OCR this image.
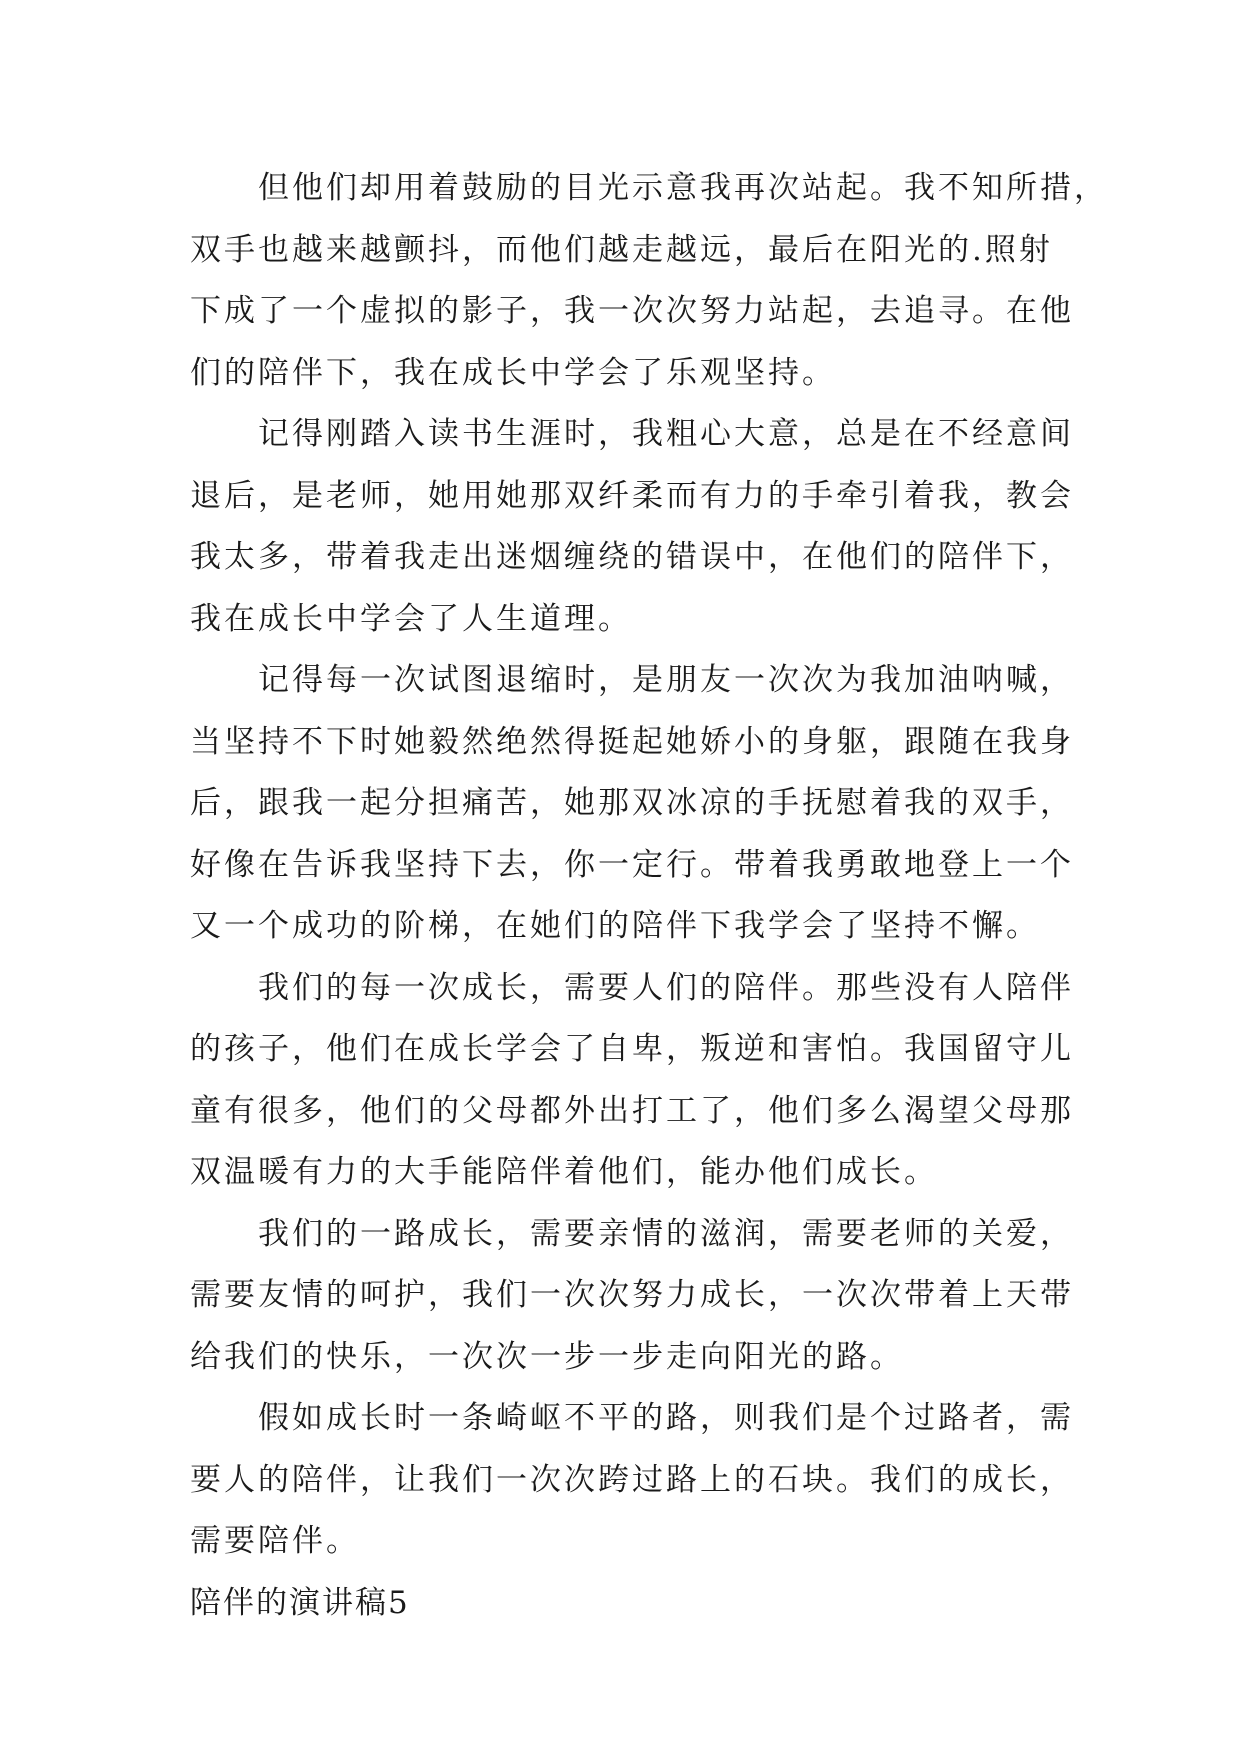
但他们却用着鼓励的目光示意我再次站起。我不知所措，
双手也越来越颤抖，而他们越走越远，最后在阳光的.照射
下成了一个虚拟的影子，我一次次努力站起，去追寻。在他
们的陪伴下，我在成长中学会了乐观坚持。
记得刚踏入读书生涯时，我粗心大意，总是在不经意间
退后，是老师，她用她那双纤柔而有力的手牵引着我，教会
我太多，带着我走出迷烟缠绕的错误中，在他们的陪伴下，
我在成长中学会了人生道理。
记得每一次试图退缩时，是朋友一次次为我加油呐喊，
当坚持不下时她毅然绝然得挺起她娇小的身躯，跟随在我身
后，跟我一起分担痛苦，她那双冰凉的手抚慰着我的双手，
好像在告诉我坚持下去，你一定行。带着我勇敢地登上一个
又一个成功的阶梯，在她们的陪伴下我学会了坚持不懈。
我们的每一次成长，需要人们的陪伴。那些没有人陪伴
的孩子，他们在成长学会了自卑，叛逆和害怕。我国留守儿
童有很多，他们的父母都外出打工了，他们多么渴望父母那
双温暖有力的大手能陪伴着他们，能办他们成长。
我们的一路成长，需要亲情的滋润，需要老师的关爱，
需要友情的呵护，我们一次次努力成长，一次次带着上天带
给我们的快乐，一次次一步一步走向阳光的路。
假如成长时一条崎岖不平的路，则我们是个过路者，需
要人的陪伴，让我们一次次跨过路上的石块。我们的成长，
需要陪伴。
陪伴的演讲稿5
